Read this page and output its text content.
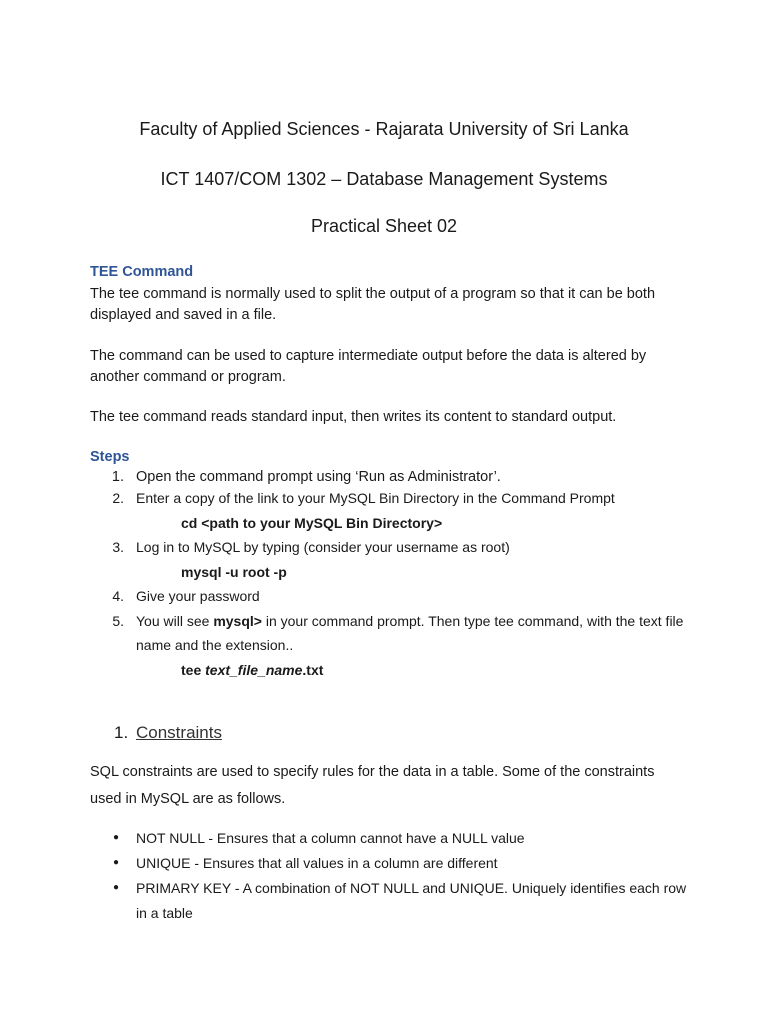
Faculty of Applied Sciences - Rajarata University of Sri Lanka
ICT 1407/COM 1302 – Database Management Systems
Practical Sheet 02
TEE Command
The tee command is normally used to split the output of a program so that it can be both
displayed and saved in a file.
The command can be used to capture intermediate output before the data is altered by
another command or program.
The tee command reads standard input, then writes its content to standard output.
Steps
1. Open the command prompt using ‘Run as Administrator’.
2. Enter a copy of the link to your MySQL Bin Directory in the Command Prompt
cd <path to your MySQL Bin Directory>
3. Log in to MySQL by typing (consider your username as root)
mysql -u root -p
4. Give your password
5. You will see mysql> in your command prompt. Then type tee command, with the text file
name and the extension..
tee text_file_name.txt
1. Constraints
SQL constraints are used to specify rules for the data in a table. Some of the constraints
used in MySQL are as follows.
● NOT NULL - Ensures that a column cannot have a NULL value
● UNIQUE - Ensures that all values in a column are different
● PRIMARY KEY - A combination of NOT NULL and UNIQUE. Uniquely identifies each row
in a table
